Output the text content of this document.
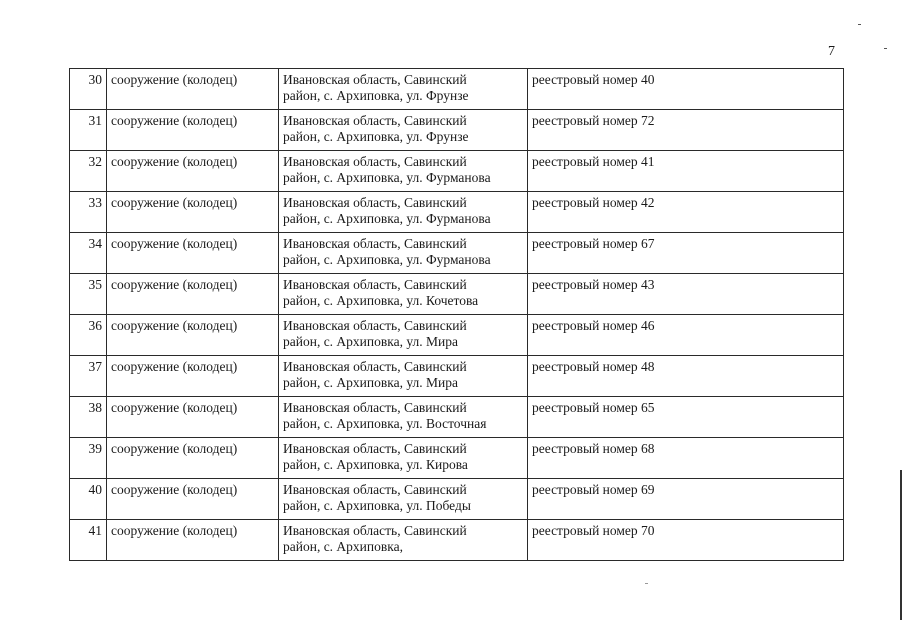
7
30	сооружение (колодец)	Ивановская область, Савинский
район, с. Архиповка, ул. Фрунзе	реестровый номер 40
31	сооружение (колодец)	Ивановская область, Савинский
район, с. Архиповка, ул. Фрунзе	реестровый номер 72
32	сооружение (колодец)	Ивановская область, Савинский
район, с. Архиповка, ул. Фурманова	реестровый номер 41
33	сооружение (колодец)	Ивановская область, Савинский
район, с. Архиповка, ул. Фурманова	реестровый номер 42
34	сооружение (колодец)	Ивановская область, Савинский
район, с. Архиповка, ул. Фурманова	реестровый номер 67
35	сооружение (колодец)	Ивановская область, Савинский
район, с. Архиповка, ул. Кочетова	реестровый номер 43
36	сооружение (колодец)	Ивановская область, Савинский
район, с. Архиповка, ул. Мира	реестровый номер 46
37	сооружение (колодец)	Ивановская область, Савинский
район, с. Архиповка, ул. Мира	реестровый номер 48
38	сооружение (колодец)	Ивановская область, Савинский
район, с. Архиповка, ул. Восточная	реестровый номер 65
39	сооружение (колодец)	Ивановская область, Савинский
район, с. Архиповка, ул. Кирова	реестровый номер 68
40	сооружение (колодец)	Ивановская область, Савинский
район, с. Архиповка, ул. Победы	реестровый номер 69
41	сооружение (колодец)	Ивановская область, Савинский
район, с. Архиповка,	реестровый номер 70
